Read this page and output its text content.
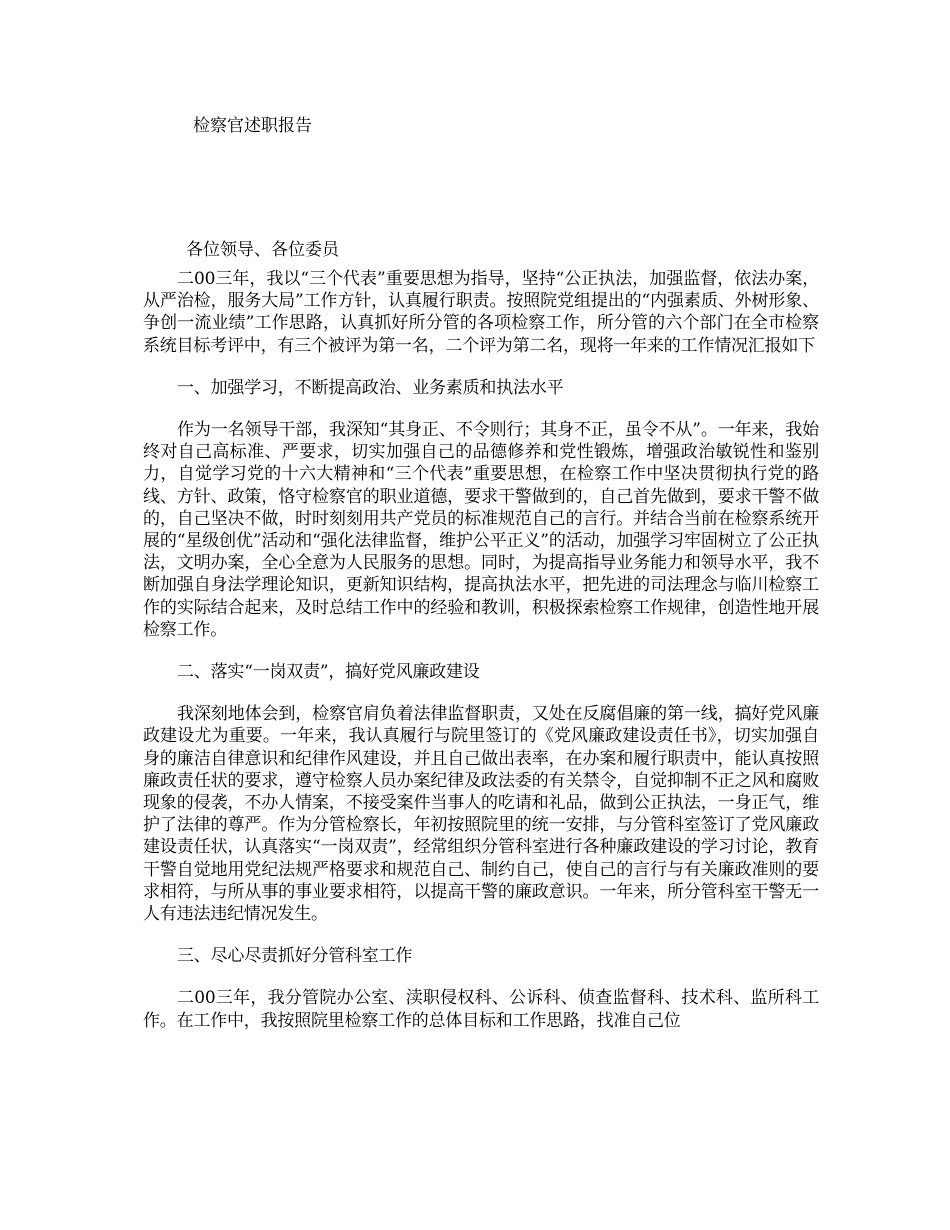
检察官述职报告
各位领导、各位委员

二00三年，我以“三个代表”重要思想为指导，坚持“公正执法，加强监督，依法办案，从严治检，服务大局”工作方针，认真履行职责。按照院党组提出的“内强素质、外树形象、争创一流业绩”工作思路，认真抓好所分管的各项检察工作，所分管的六个部门在全市检察系统目标考评中，有三个被评为第一名，二个评为第二名，现将一年来的工作情况汇报如下

一、加强学习，不断提高政治、业务素质和执法水平

作为一名领导干部，我深知“其身正、不令则行；其身不正，虽令不从”。一年来，我始终对自己高标准、严要求，切实加强自己的品德修养和党性锻炼，增强政治敏锐性和鉴别力，自觉学习党的十六大精神和“三个代表”重要思想，在检察工作中坚决贯彻执行党的路线、方针、政策，恪守检察官的职业道德，要求干警做到的，自己首先做到，要求干警不做的，自己坚决不做，时时刻刻用共产党员的标准规范自己的言行。并结合当前在检察系统开展的“星级创优”活动和“强化法律监督，维护公平正义”的活动，加强学习牢固树立了公正执法，文明办案，全心全意为人民服务的思想。同时，为提高指导业务能力和领导水平，我不断加强自身法学理论知识，更新知识结构，提高执法水平，把先进的司法理念与临川检察工作的实际结合起来，及时总结工作中的经验和教训，积极探索检察工作规律，创造性地开展检察工作。

二、落实“一岗双责”，搞好党风廉政建设

我深刻地体会到，检察官肩负着法律监督职责，又处在反腐倡廉的第一线，搞好党风廉政建设尤为重要。一年来，我认真履行与院里签订的《党风廉政建设责任书》，切实加强自身的廉洁自律意识和纪律作风建设，并且自己做出表率，在办案和履行职责中，能认真按照廉政责任状的要求，遵守检察人员办案纪律及政法委的有关禁令，自觉抑制不正之风和腐败现象的侵袭，不办人情案，不接受案件当事人的吃请和礼品，做到公正执法，一身正气，维护了法律的尊严。作为分管检察长，年初按照院里的统一安排，与分管科室签订了党风廉政建设责任状，认真落实“一岗双责”，经常组织分管科室进行各种廉政建设的学习讨论，教育干警自觉地用党纪法规严格要求和规范自己、制约自己，使自己的言行与有关廉政准则的要求相符，与所从事的事业要求相符，以提高干警的廉政意识。一年来，所分管科室干警无一人有违法违纪情况发生。

三、尽心尽责抓好分管科室工作

二00三年，我分管院办公室、渎职侵权科、公诉科、侦查监督科、技术科、监所科工作。在工作中，我按照院里检察工作的总体目标和工作思路，找准自己位
